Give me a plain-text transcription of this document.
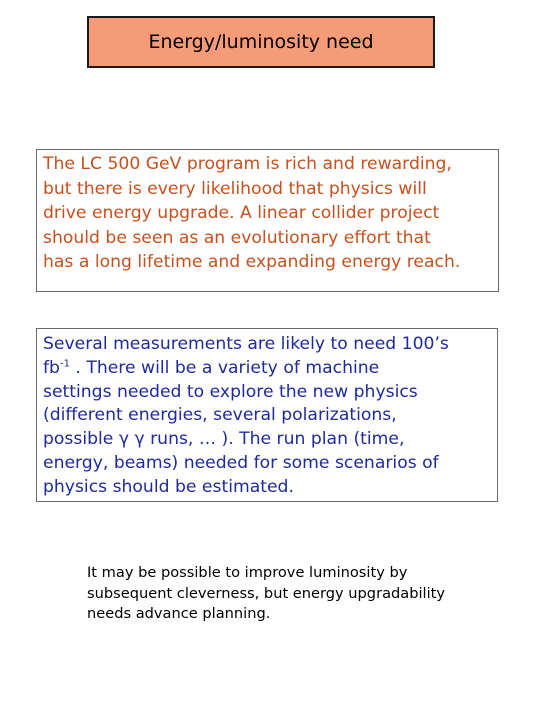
Energy/luminosity need
The LC 500 GeV program is rich and rewarding,
but there is every likelihood that physics will
drive energy upgrade. A linear collider project
should be seen as an evolutionary effort that
has a long lifetime and expanding energy reach.
Several measurements are likely to need 100’s
$fb^{-1}$ . There will be a variety of machine
settings needed to explore the new physics
(different energies, several polarizations,
possible γ γ runs, … ). The run plan (time,
energy, beams) needed for some scenarios of
physics should be estimated.
It may be possible to improve luminosity by
subsequent cleverness, but energy upgradability
needs advance planning.
